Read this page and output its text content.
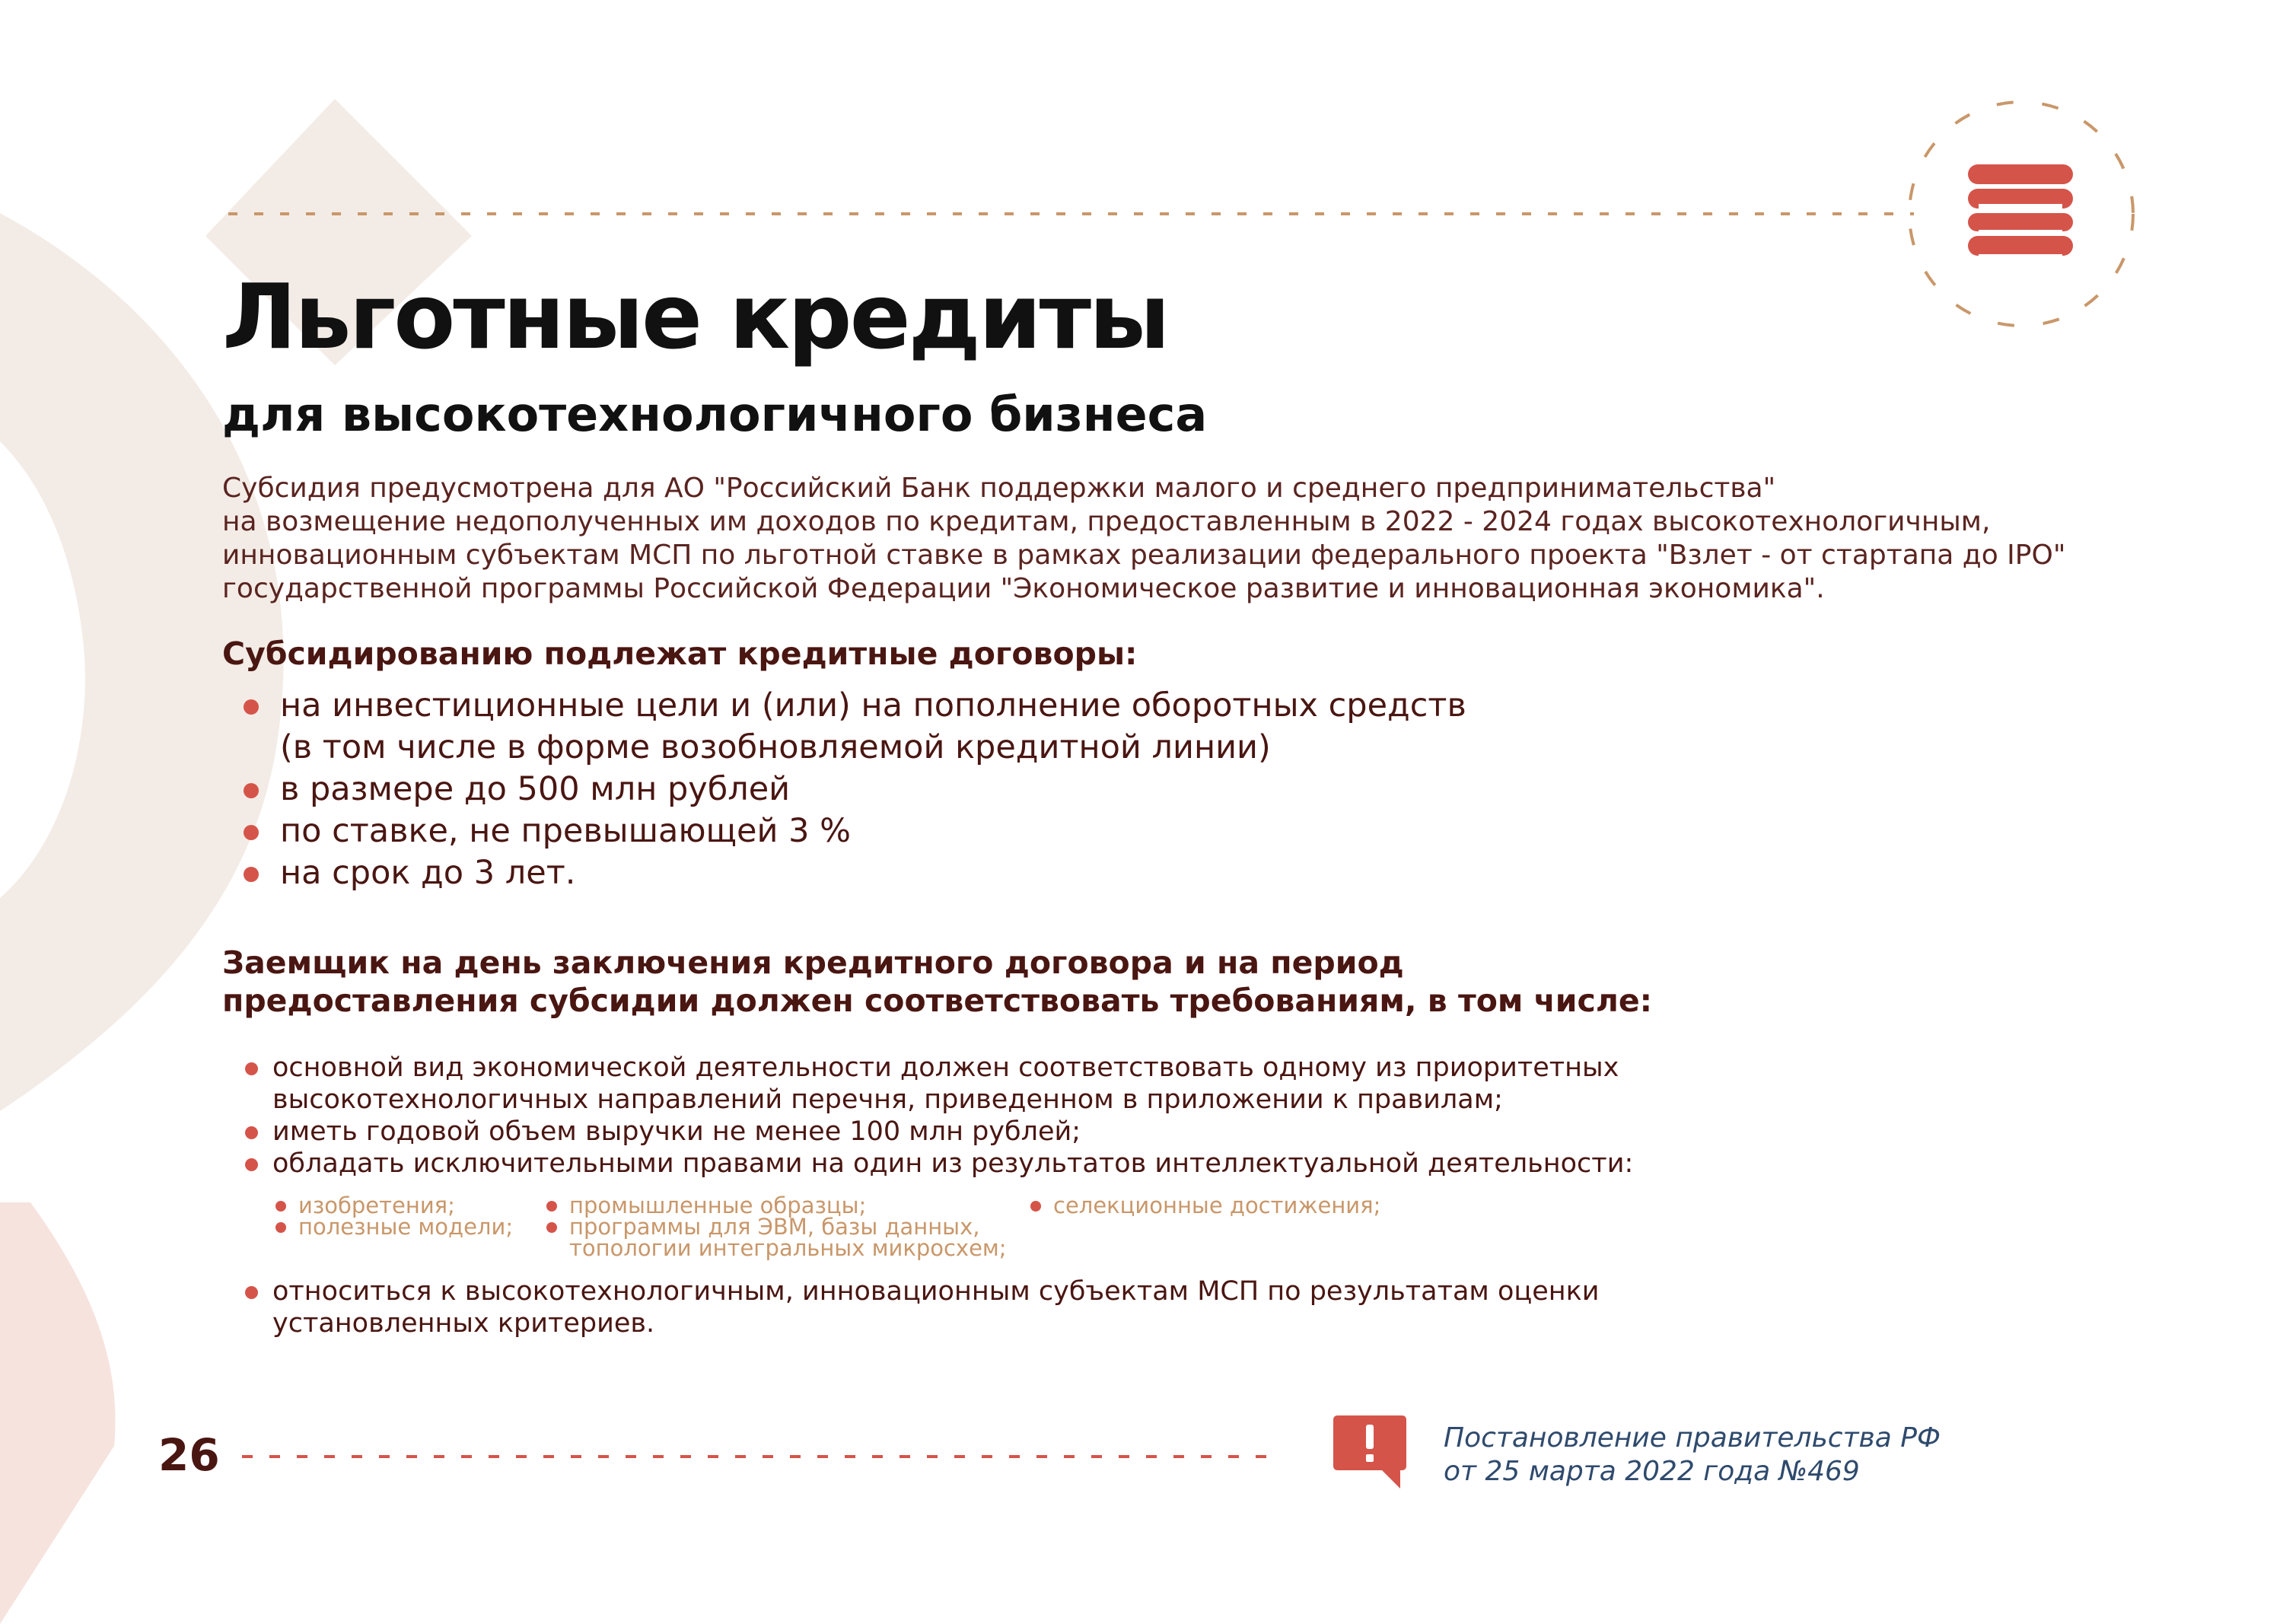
Льготные кредиты
для высокотехнологичного бизнеса
Субсидия предусмотрена для АО "Российский Банк поддержки малого и среднего предпринимательства"
на возмещение недополученных им доходов по кредитам, предоставленным в 2022 - 2024 годах высокотехнологичным,
инновационным субъектам МСП по льготной ставке в рамках реализации федерального проекта "Взлет - от стартапа до IPO"
государственной программы Российской Федерации "Экономическое развитие и инновационная экономика".
Субсидированию подлежат кредитные договоры:
на инвестиционные цели и (или) на пополнение оборотных средств
(в том числе в форме возобновляемой кредитной линии)
в размере до 500 млн рублей
по ставке, не превышающей 3 %
на срок до 3 лет.
Заемщик на день заключения кредитного договора и на период
предоставления субсидии должен соответствовать требованиям, в том числе:
основной вид экономической деятельности должен соответствовать одному из приоритетных
высокотехнологичных направлений перечня, приведенном в приложении к правилам;
иметь годовой объем выручки не менее 100 млн рублей;
обладать исключительными правами на один из результатов интеллектуальной деятельности:
изобретения;
полезные модели;
промышленные образцы;
программы для ЭВМ, базы данных,
топологии интегральных микросхем;
селекционные достижения;
относиться к высокотехнологичным, инновационным субъектам МСП по результатам оценки
установленных критериев.
26	Постановление правительства РФ
от 25 марта 2022 года №469
